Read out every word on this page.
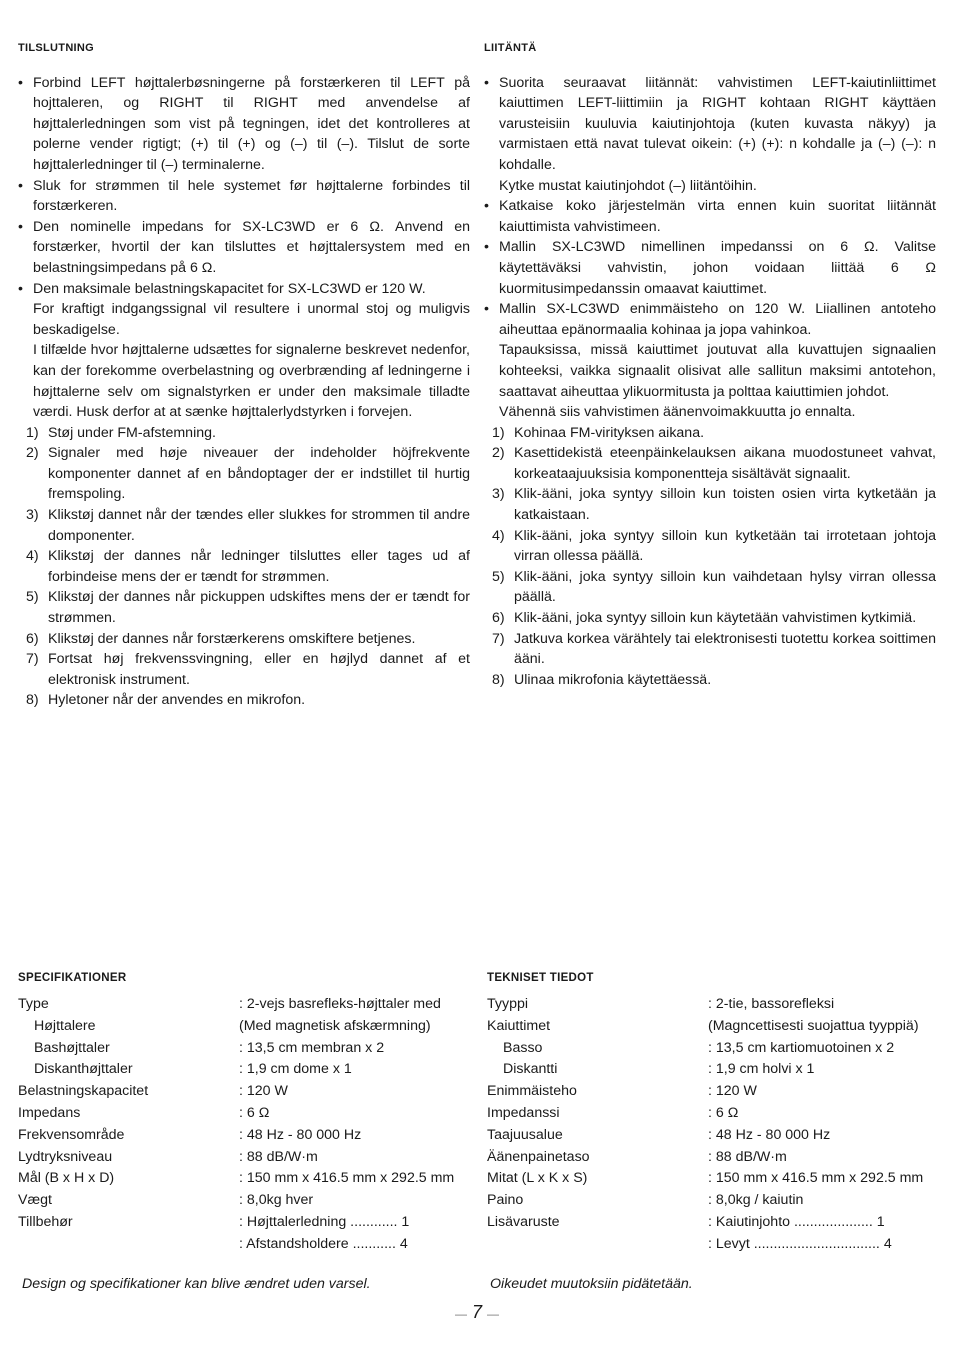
TILSLUTNING
• Forbind LEFT højttalerbøsningerne på forstærkeren til LEFT på hojttaleren, og RIGHT til RIGHT med anvendelse af højttalerledningen som vist på tegningen, idet det kontrolleres at polerne vender rigtigt; (+) til (+) og (–) til (–). Tilslut de sorte højttalerledninger til (–) terminalerne.
• Sluk for strømmen til hele systemet før højttalerne forbindes til forstærkeren.
• Den nominelle impedans for SX-LC3WD er 6 Ω. Anvend en forstærker, hvortil der kan tilsluttes et højttalersystem med en belastningsimpedans på 6 Ω.
• Den maksimale belastningskapacitet for SX-LC3WD er 120 W.
For kraftigt indgangssignal vil resultere i unormal stoj og muligvis beskadigelse.
I tilfælde hvor højttalerne udsættes for signalerne beskrevet nedenfor, kan der forekomme overbelastning og overbrænding af ledningerne i højttalerne selv om signalstyrken er under den maksimale tilladte værdi. Husk derfor at at sænke højttalerlydstyrken i forvejen.
1) Støj under FM-afstemning.
2) Signaler med høje niveauer der indeholder höjfrekvente komponenter dannet af en båndoptager der er indstillet til hurtig fremspoling.
3) Klikstøj dannet når der tændes eller slukkes for strommen til andre domponenter.
4) Klikstøj der dannes når ledninger tilsluttes eller tages ud af forbindeise mens der er tændt for strømmen.
5) Klikstøj der dannes når pickuppen udskiftes mens der er tændt for strømmen.
6) Klikstøj der dannes når forstærkerens omskiftere betjenes.
7) Fortsat høj frekvenssvingning, eller en højlyd dannet af et elektronisk instrument.
8) Hyletoner når der anvendes en mikrofon.
LIITÄNTÄ
• Suorita seuraavat liitännät: vahvistimen LEFT-kaiutinliittimet kaiuttimen LEFT-liittimiin ja RIGHT kohtaan RIGHT käyttäen varusteisiin kuuluvia kaiutinjohtoja (kuten kuvasta näkyy) ja varmistaen että navat tulevat oikein: (+) (+): n kohdalle ja (–) (–): n kohdalle.
Kytke mustat kaiutinjohdot (–) liitäntöihin.
• Katkaise koko järjestelmän virta ennen kuin suoritat liitännät kaiuttimista vahvistimeen.
• Mallin SX-LC3WD nimellinen impedanssi on 6 Ω. Valitse käytettäväksi vahvistin, johon voidaan liittää 6 Ω kuormitusimpedanssin omaavat kaiuttimet.
• Mallin SX-LC3WD enimmäisteho on 120 W. Liiallinen antoteho aiheuttaa epänormaalia kohinaa ja jopa vahinkoa.
Tapauksissa, missä kaiuttimet joutuvat alla kuvattujen signaalien kohteeksi, vaikka signaalit olisivat alle sallitun maksimi antotehon, saattavat aiheuttaa ylikuormitusta ja polttaa kaiuttimien johdot.
Vähennä siis vahvistimen äänenvoimakkuutta jo ennalta.
1) Kohinaa FM-virityksen aikana.
2) Kasettidekistä eteenpäinkelauksen aikana muodostuneet vahvat, korkeataajuuksisia komponentteja sisältävät signaalit.
3) Klik-ääni, joka syntyy silloin kun toisten osien virta kytketään ja katkaistaan.
4) Klik-ääni, joka syntyy silloin kun kytketään tai irrotetaan johtoja virran ollessa päällä.
5) Klik-ääni, joka syntyy silloin kun vaihdetaan hylsy virran ollessa päällä.
6) Klik-ääni, joka syntyy silloin kun käytetään vahvistimen kytkimiä.
7) Jatkuva korkea värähtely tai elektronisesti tuotettu korkea soittimen ääni.
8) Ulinaa mikrofonia käytettäessä.
SPECIFIKATIONER
Type	: 2-vejs basrefleks-højttaler med
Højttalere	(Med magnetisk afskærmning)
Bashøjttaler	: 13,5 cm membran x 2
Diskanthøjttaler	: 1,9 cm dome x 1
Belastningskapacitet	: 120 W
Impedans	: 6 Ω
Frekvensområde	: 48 Hz - 80 000 Hz
Lydtryksniveau	: 88 dB/W·m
Mål (B x H x D)	: 150 mm x 416.5 mm x 292.5 mm
Vægt	: 8,0kg hver
Tillbehør	: Højttalerledning ............ 1
	: Afstandsholdere ........... 4
TEKNISET TIEDOT
Tyyppi	: 2-tie, bassorefleksi
Kaiuttimet	(Magncettisesti suojattua tyyppiä)
Basso	: 13,5 cm kartiomuotoinen x 2
Diskantti	: 1,9 cm holvi x 1
Enimmäisteho	: 120 W
Impedanssi	: 6 Ω
Taajuusalue	: 48 Hz - 80 000 Hz
Äänenpainetaso	: 88 dB/W·m
Mitat (L x K x S)	: 150 mm x 416.5 mm x 292.5 mm
Paino	: 8,0kg / kaiutin
Lisävaruste	: Kaiutinjohto .................... 1
	: Levyt ................................ 4
Design og specifikationer kan blive ændret uden varsel.	Oikeudet muutoksiin pidätetään.
— 7 —
